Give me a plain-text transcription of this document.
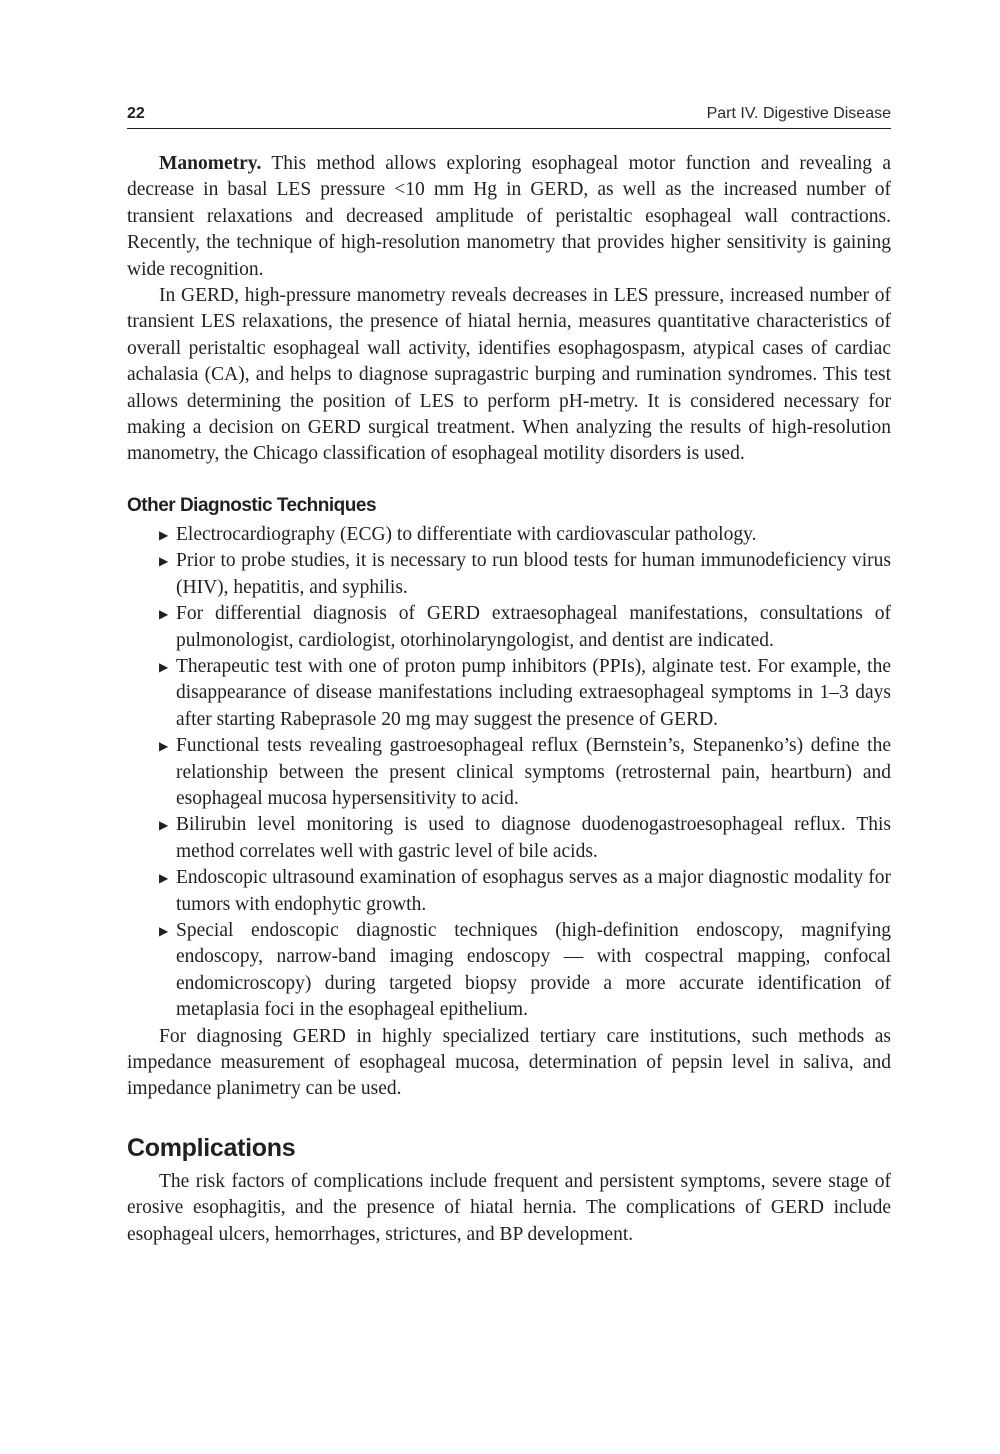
22	Part IV. Digestive Disease

Manometry. This method allows exploring esophageal motor function and revealing a decrease in basal LES pressure <10 mm Hg in GERD, as well as the increased number of transient relaxations and decreased amplitude of peristaltic esophageal wall contractions. Recently, the technique of high-resolution manometry that provides higher sensitivity is gaining wide recognition.

In GERD, high-pressure manometry reveals decreases in LES pressure, increased number of transient LES relaxations, the presence of hiatal hernia, measures quantitative characteristics of overall peristaltic esophageal wall activity, identifies esophagospasm, atypical cases of cardiac achalasia (CA), and helps to diagnose supragastric burping and rumination syndromes. This test allows determining the position of LES to perform pH-metry. It is considered necessary for making a decision on GERD surgical treatment. When analyzing the results of high-resolution manometry, the Chicago classification of esophageal motility disorders is used.

Other Diagnostic Techniques
▶ Electrocardiography (ECG) to differentiate with cardiovascular pathology.
▶ Prior to probe studies, it is necessary to run blood tests for human immunodeficiency virus (HIV), hepatitis, and syphilis.
▶ For differential diagnosis of GERD extraesophageal manifestations, consultations of pulmonologist, cardiologist, otorhinolaryngologist, and dentist are indicated.
▶ Therapeutic test with one of proton pump inhibitors (PPIs), alginate test. For example, the disappearance of disease manifestations including extraesophageal symptoms in 1–3 days after starting Rabeprasole 20 mg may suggest the presence of GERD.
▶ Functional tests revealing gastroesophageal reflux (Bernstein’s, Stepanenko’s) define the relationship between the present clinical symptoms (retrosternal pain, heartburn) and esophageal mucosa hypersensitivity to acid.
▶ Bilirubin level monitoring is used to diagnose duodenogastroesophageal reflux. This method correlates well with gastric level of bile acids.
▶ Endoscopic ultrasound examination of esophagus serves as a major diagnostic modality for tumors with endophytic growth.
▶ Special endoscopic diagnostic techniques (high-definition endoscopy, magnifying endoscopy, narrow-band imaging endoscopy — with cospectral mapping, confocal endomicroscopy) during targeted biopsy provide a more accurate identification of metaplasia foci in the esophageal epithelium.

For diagnosing GERD in highly specialized tertiary care institutions, such methods as impedance measurement of esophageal mucosa, determination of pepsin level in saliva, and impedance planimetry can be used.

Complications

The risk factors of complications include frequent and persistent symptoms, severe stage of erosive esophagitis, and the presence of hiatal hernia. The complications of GERD include esophageal ulcers, hemorrhages, strictures, and BP development.
